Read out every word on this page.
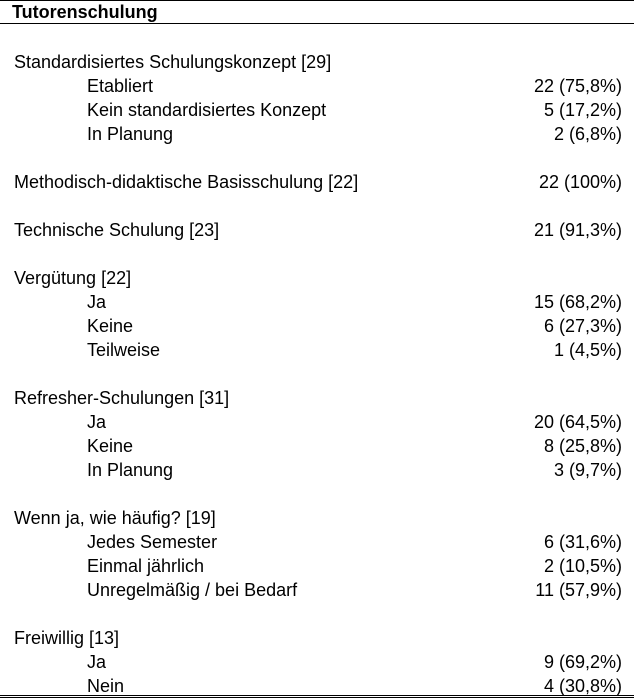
Tutorenschulung
Standardisiertes Schulungskonzept [29]
Etabliert	22 (75,8%)
Kein standardisiertes Konzept	5 (17,2%)
In Planung	2 (6,8%)
Methodisch-didaktische Basisschulung [22]	22 (100%)
Technische Schulung [23]	21 (91,3%)
Vergütung [22]
Ja	15 (68,2%)
Keine	6 (27,3%)
Teilweise	1 (4,5%)
Refresher-Schulungen [31]
Ja	20 (64,5%)
Keine	8 (25,8%)
In Planung	3 (9,7%)
Wenn ja, wie häufig? [19]
Jedes Semester	6 (31,6%)
Einmal jährlich	2 (10,5%)
Unregelmäßig / bei Bedarf	11 (57,9%)
Freiwillig [13]
Ja	9 (69,2%)
Nein	4 (30,8%)
